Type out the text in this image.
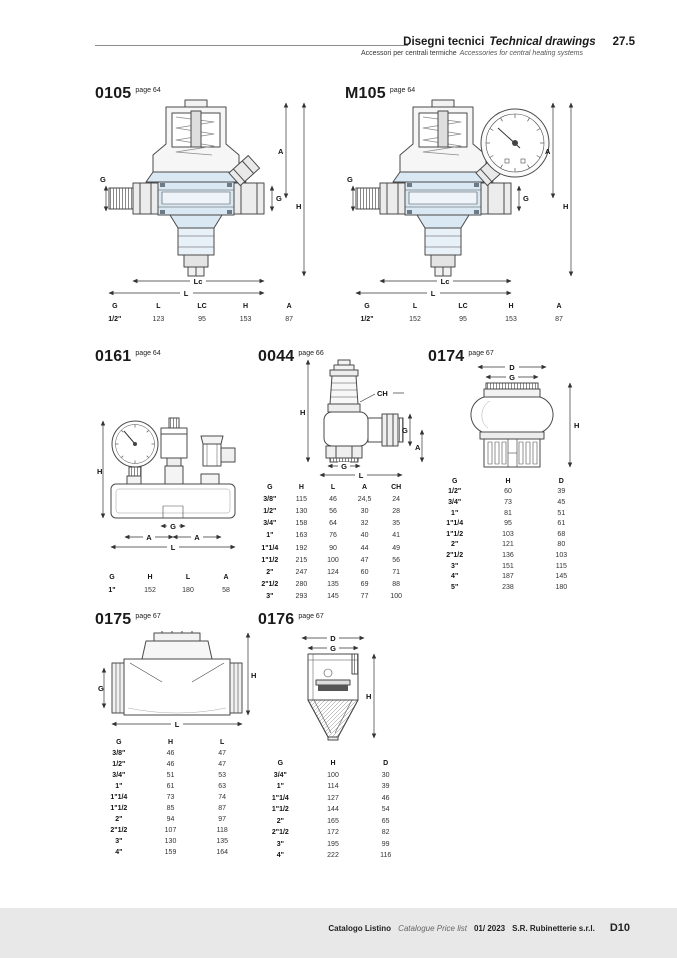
Disegni tecnici Technical drawings 27.5
Accessori per centrali termiche Accessories for central heating systems
0105 page 64
G
G
A
H
Lc
L
G	L	LC	H	A
1/2"	123	95	153	87
M105 page 64
G
G
A
H
Lc
L
G	L	LC	H	A
1/2"	152	95	153	87
0161 page 64
H
G
A	A
L
G	H	L	A
1"	152	180	58
0044 page 66
H
CH
G
A
G
L
G	H	L	A	CH
3/8"	115	46	24,5	24
1/2"	130	56	30	28
3/4"	158	64	32	35
1"	163	76	40	41
1"1/4	192	90	44	49
1"1/2	215	100	47	56
2"	247	124	60	71
2"1/2	280	135	69	88
3"	293	145	77	100
0174 page 67
D
G
H
G	H	D
1/2"	60	39
3/4"	73	45
1"	81	51
1"1/4	95	61
1"1/2	103	68
2"	121	80
2"1/2	136	103
3"	151	115
4"	187	145
5"	238	180
0175 page 67
G
H
L
G	H	L
3/8"	46	47
1/2"	46	47
3/4"	51	53
1"	61	63
1"1/4	73	74
1"1/2	85	87
2"	94	97
2"1/2	107	118
3"	130	135
4"	159	164
0176 page 67
D
G
H
G	H	D
3/4"	100	30
1"	114	39
1"1/4	127	46
1"1/2	144	54
2"	165	65
2"1/2	172	82
3"	195	99
4"	222	116
Catalogo Listino Catalogue Price list 01/ 2023 S.R. Rubinetterie s.r.l. D10
